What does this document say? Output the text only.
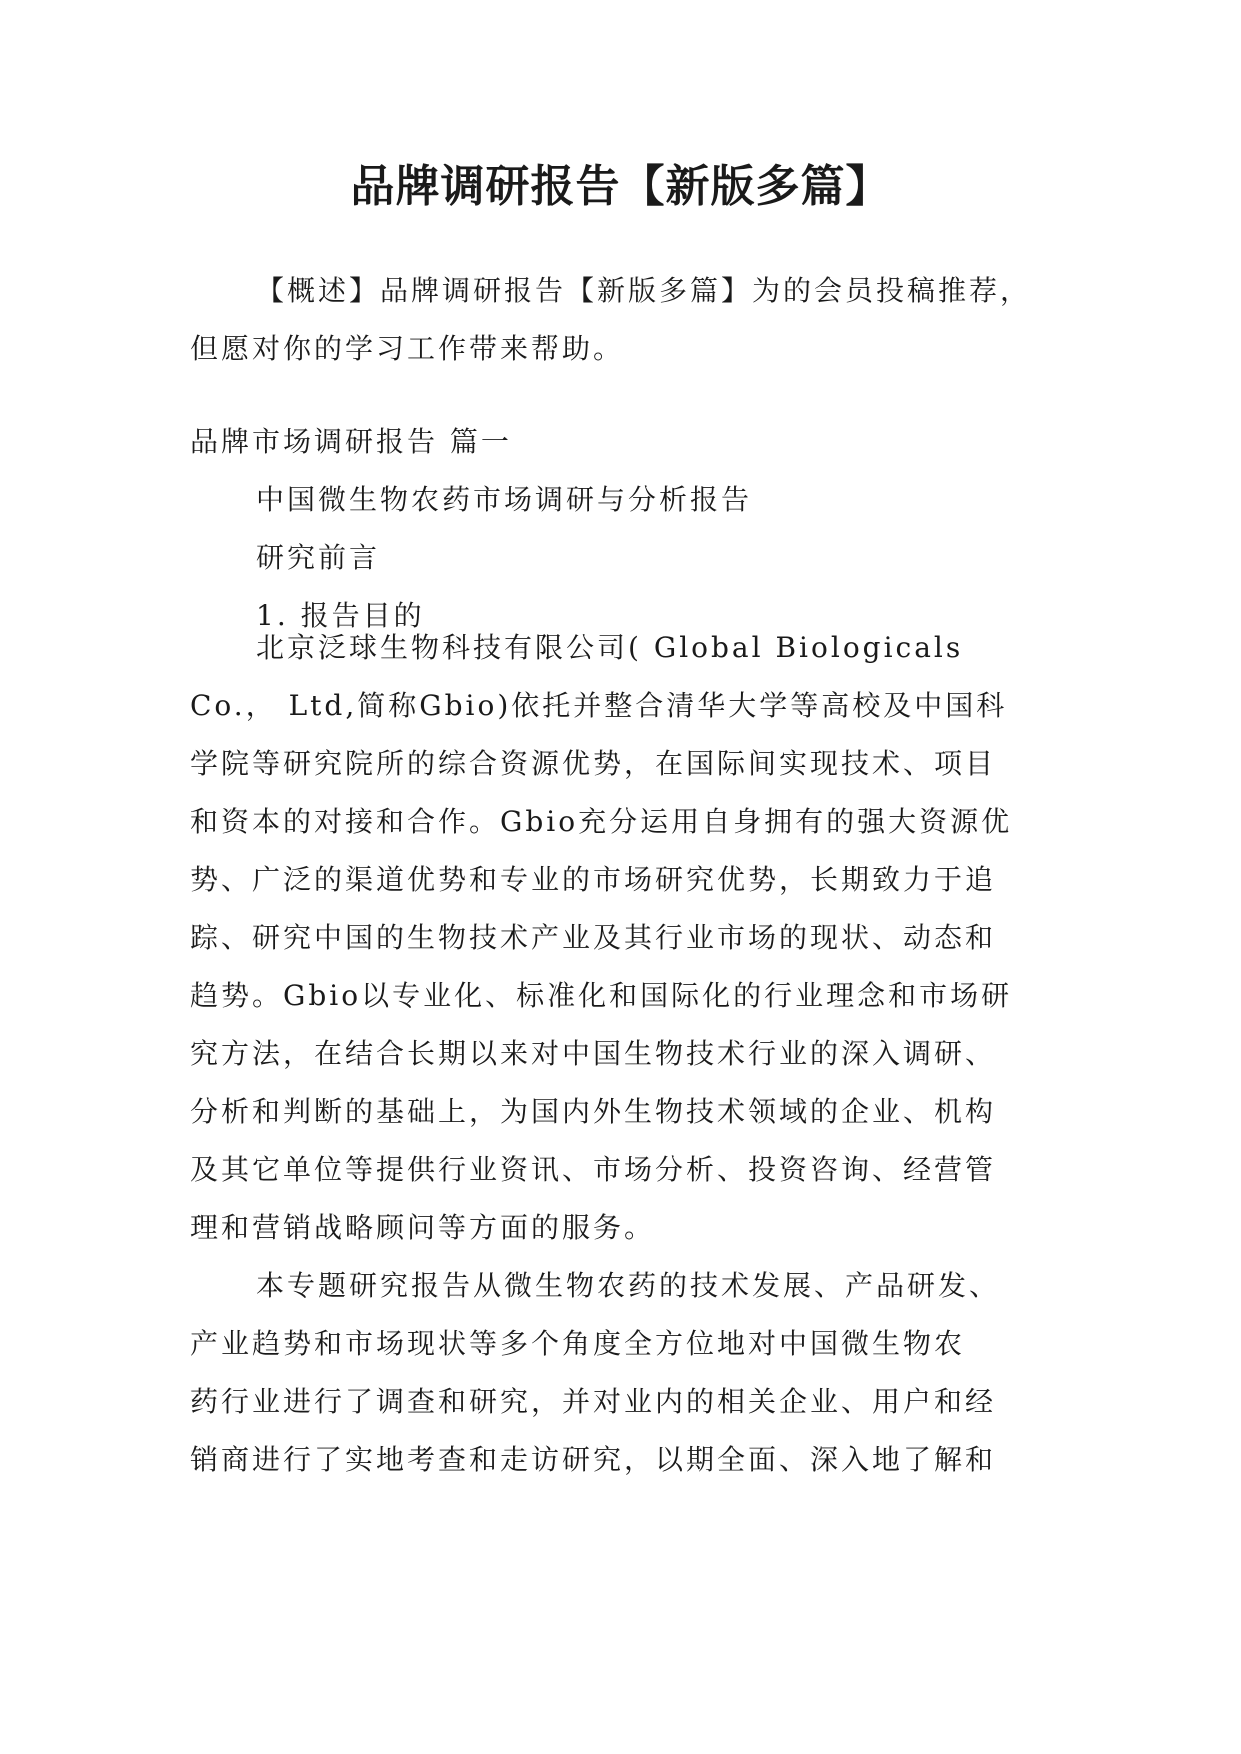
品牌调研报告【新版多篇】
【概述】品牌调研报告【新版多篇】为的会员投稿推荐，
但愿对你的学习工作带来帮助。
品牌市场调研报告 篇一
中国微生物农药市场调研与分析报告
研究前言
1. 报告目的
北京泛球生物科技有限公司( Global Biologicals
Co.， Ltd,简称Gbio)依托并整合清华大学等高校及中国科
学院等研究院所的综合资源优势，在国际间实现技术、项目
和资本的对接和合作。Gbio充分运用自身拥有的强大资源优
势、广泛的渠道优势和专业的市场研究优势，长期致力于追
踪、研究中国的生物技术产业及其行业市场的现状、动态和
趋势。Gbio以专业化、标准化和国际化的行业理念和市场研
究方法，在结合长期以来对中国生物技术行业的深入调研、
分析和判断的基础上，为国内外生物技术领域的企业、机构
及其它单位等提供行业资讯、市场分析、投资咨询、经营管
理和营销战略顾问等方面的服务。
本专题研究报告从微生物农药的技术发展、产品研发、
产业趋势和市场现状等多个角度全方位地对中国微生物农
药行业进行了调查和研究，并对业内的相关企业、用户和经
销商进行了实地考查和走访研究，以期全面、深入地了解和
